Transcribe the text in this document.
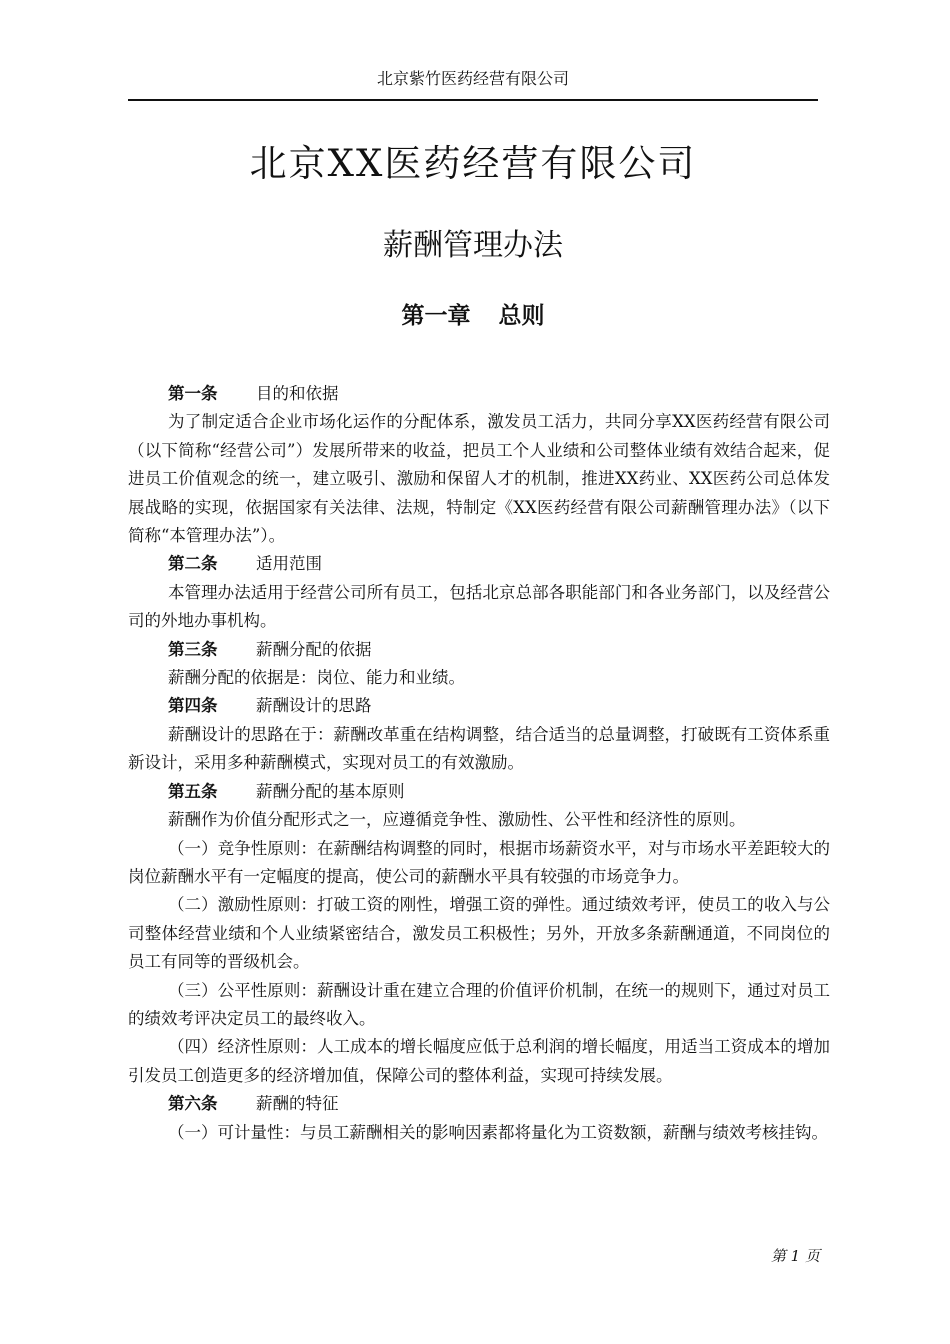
北京紫竹医药经营有限公司
北京XX医药经营有限公司
薪酬管理办法
第一章 总则
第一条 目的和依据

为了制定适合企业市场化运作的分配体系，激发员工活力，共同分享XX医药经营有限公司（以下简称“经营公司”）发展所带来的收益，把员工个人业绩和公司整体业绩有效结合起来，促进员工价值观念的统一，建立吸引、激励和保留人才的机制，推进XX药业、XX医药公司总体发展战略的实现，依据国家有关法律、法规，特制定《XX医药经营有限公司薪酬管理办法》（以下简称“本管理办法”）。

第二条 适用范围

本管理办法适用于经营公司所有员工，包括北京总部各职能部门和各业务部门，以及经营公司的外地办事机构。

第三条 薪酬分配的依据

薪酬分配的依据是：岗位、能力和业绩。

第四条 薪酬设计的思路

薪酬设计的思路在于：薪酬改革重在结构调整，结合适当的总量调整，打破既有工资体系重新设计，采用多种薪酬模式，实现对员工的有效激励。

第五条 薪酬分配的基本原则

薪酬作为价值分配形式之一，应遵循竞争性、激励性、公平性和经济性的原则。

（一）竞争性原则：在薪酬结构调整的同时，根据市场薪资水平，对与市场水平差距较大的岗位薪酬水平有一定幅度的提高，使公司的薪酬水平具有较强的市场竞争力。

（二）激励性原则：打破工资的刚性，增强工资的弹性。通过绩效考评，使员工的收入与公司整体经营业绩和个人业绩紧密结合，激发员工积极性；另外，开放多条薪酬通道，不同岗位的员工有同等的晋级机会。

（三）公平性原则：薪酬设计重在建立合理的价值评价机制，在统一的规则下，通过对员工的绩效考评决定员工的最终收入。

（四）经济性原则：人工成本的增长幅度应低于总利润的增长幅度，用适当工资成本的增加引发员工创造更多的经济增加值，保障公司的整体利益，实现可持续发展。

第六条 薪酬的特征

（一）可计量性：与员工薪酬相关的影响因素都将量化为工资数额，薪酬与绩效考核挂钩。

第 1 页
